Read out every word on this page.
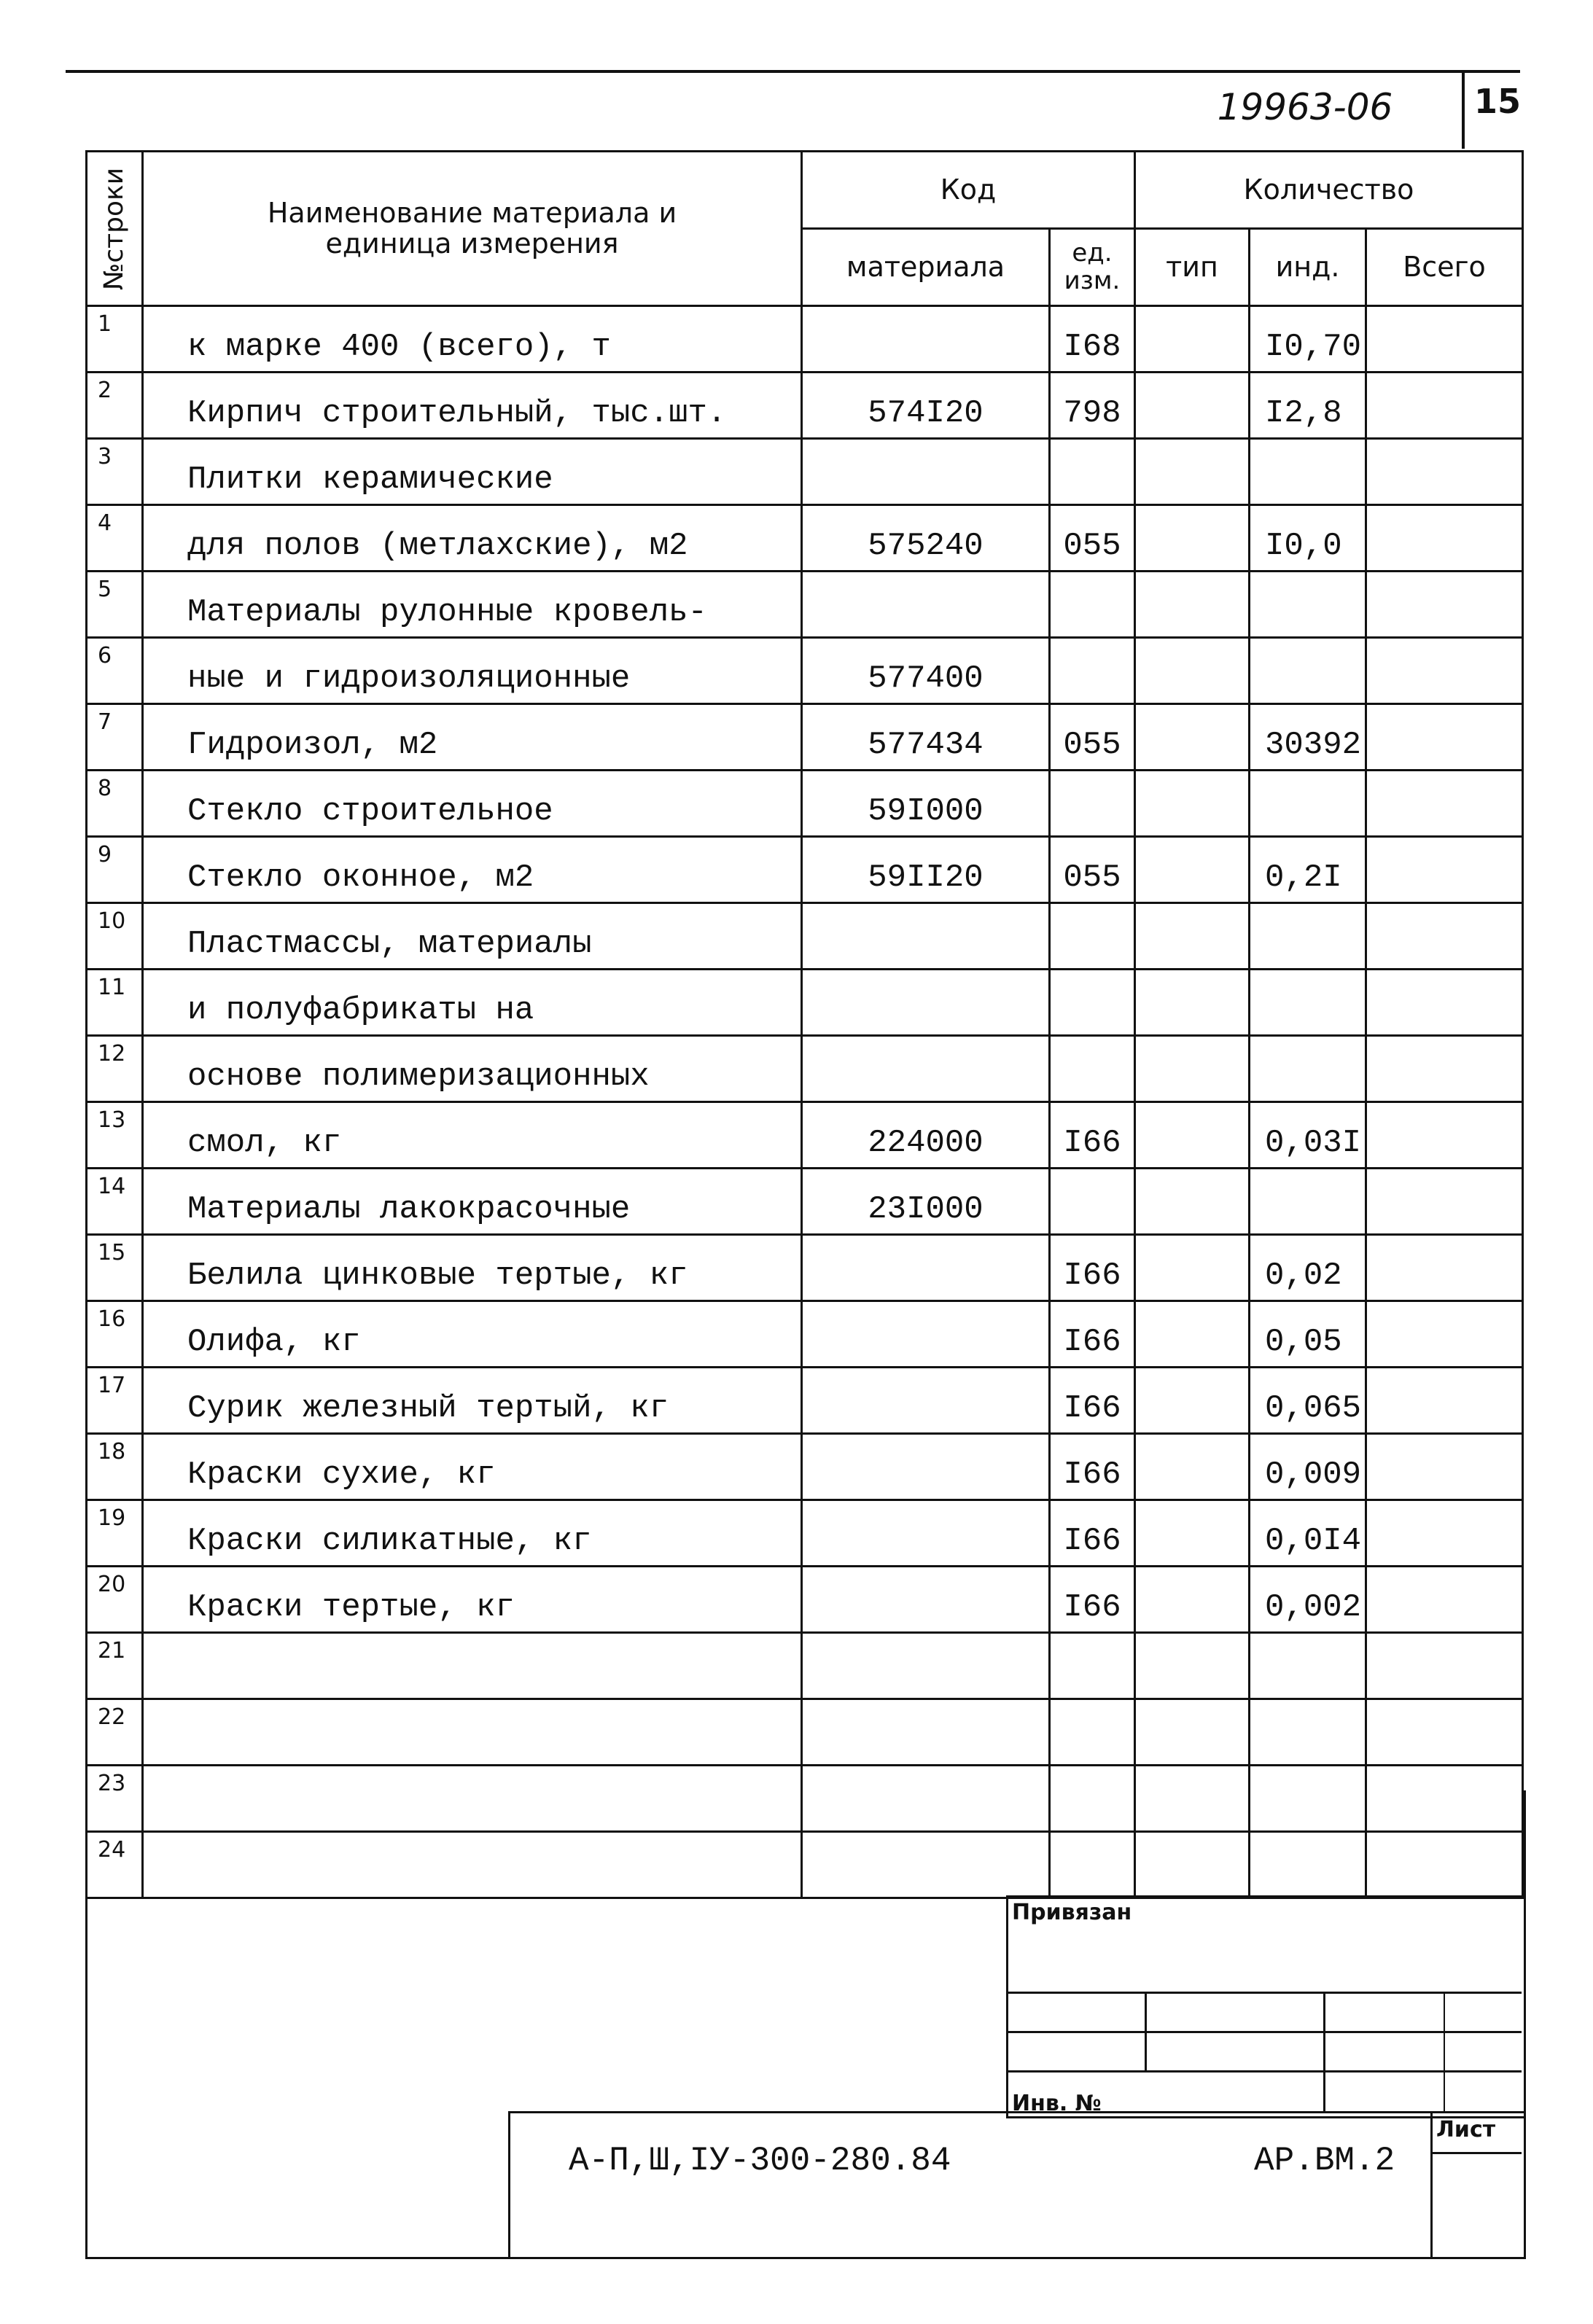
19963-06	15
№строки	Наименование материала и единица измерения	Код		Количество		
		материала	ед. изм.	тип	инд.	Всего
1	к марке 400 (всего), т		I68		I0,70	
2	Кирпич строительный, тыс.шт.	574I20	798		I2,8	
3	Плитки керамические					
4	для полов (метлахские), м2	575240	055		I0,0	
5	Материалы рулонные кровель-					
6	ные и гидроизоляционные	577400				
7	Гидроизол, м2	577434	055		30392	
8	Стекло строительное	59I000				
9	Стекло оконное, м2	59II20	055		0,2I	
10	Пластмассы, материалы					
11	и полуфабрикаты на					
12	основе полимеризационных					
13	смол, кг	224000	I66		0,03I	
14	Материалы лакокрасочные	23I000				
15	Белила цинковые тертые, кг		I66		0,02	
16	Олифа, кг		I66		0,05	
17	Сурик железный тертый, кг		I66		0,065	
18	Краски сухие, кг		I66		0,009	
19	Краски силикатные, кг		I66		0,0I4	
20	Краски тертые, кг		I66		0,002	
21						
22						
23						
24						
Привязан
Инв. №
А-П,Ш,IУ-300-280.84	АР.ВМ.2
Лист
